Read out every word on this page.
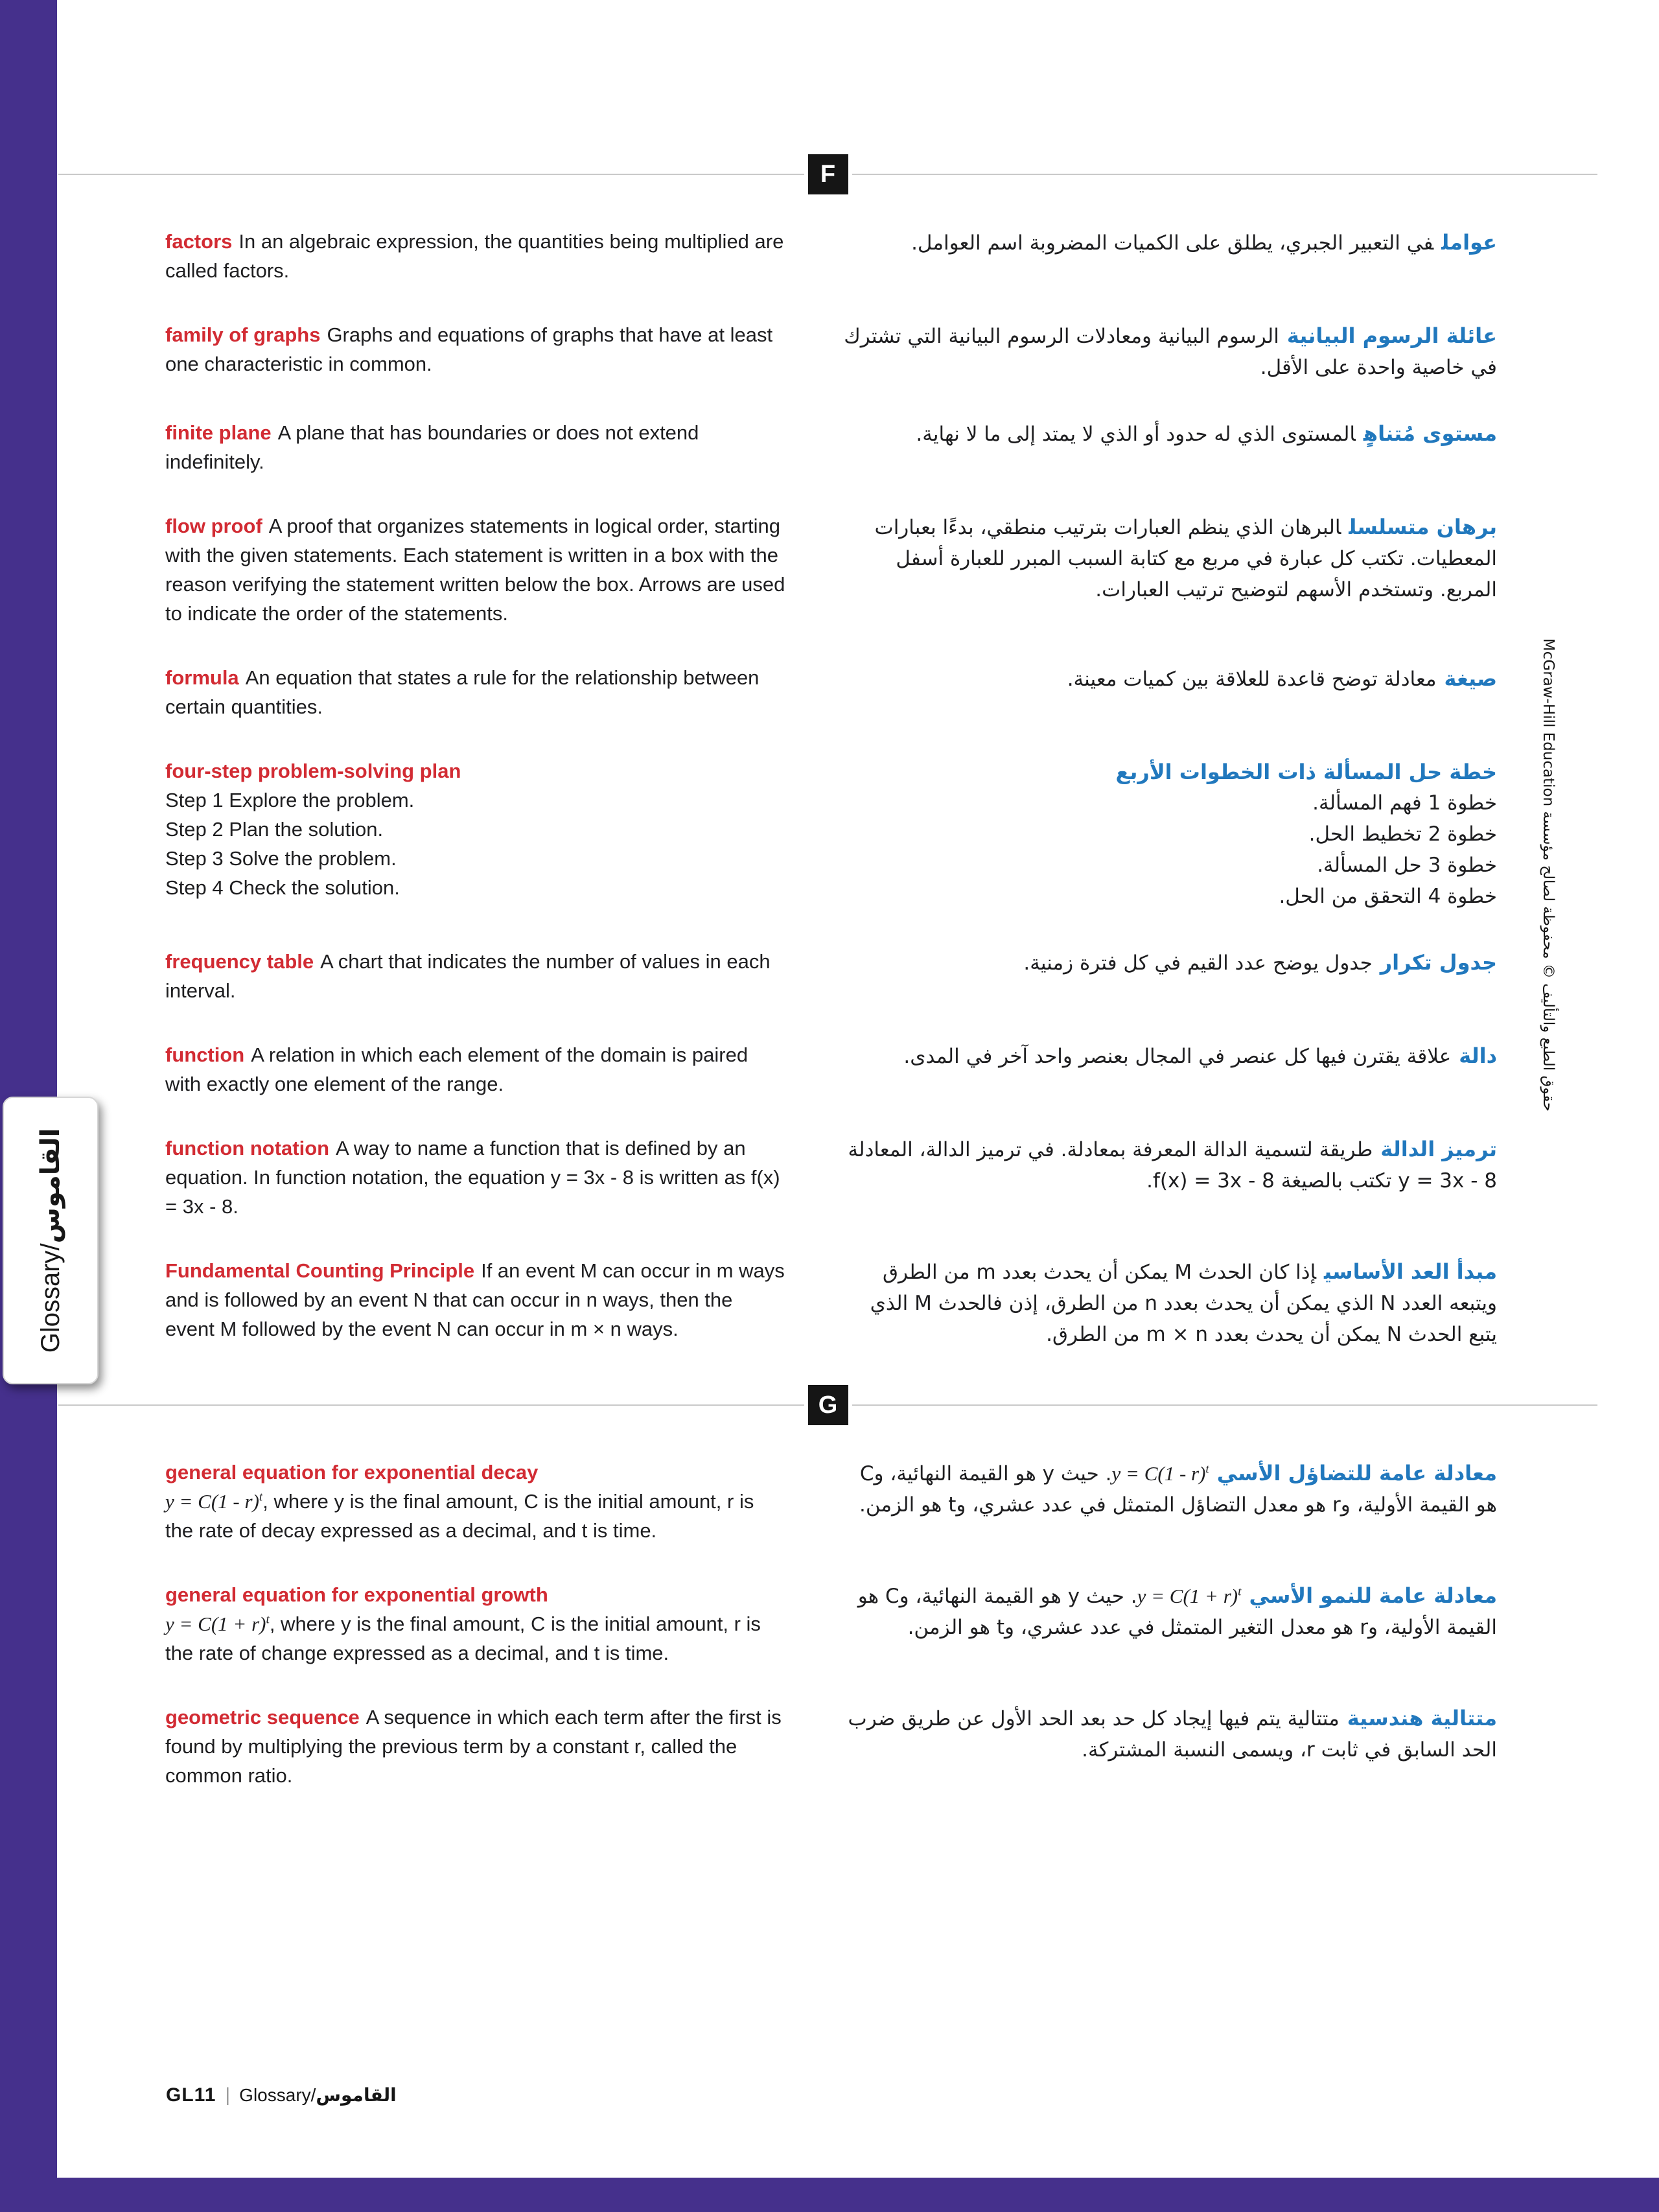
F

factors In an algebraic expression, the quantities being multiplied are called factors.

عواملفي التعبير الجبري، يطلق على الكميات المضروبة اسم العوامل.

family of graphs Graphs and equations of graphs that have at least one characteristic in common.

عائلة الرسوم البيانيةالرسوم البيانية ومعادلات الرسوم البيانية التي تشترك في خاصية واحدة على الأقل.

finite plane A plane that has boundaries or does not extend indefinitely.

مستوى مُتناهٍالمستوى الذي له حدود أو الذي لا يمتد إلى ما لا نهاية.

flow proof A proof that organizes statements in logical order, starting with the given statements. Each statement is written in a box with the reason verifying the statement written below the box. Arrows are used to indicate the order of the statements.

برهان متسلسلالبرهان الذي ينظم العبارات بترتيب منطقي، بدءًا بعبارات المعطيات. تكتب كل عبارة في مربع مع كتابة السبب المبرر للعبارة أسفل المربع. وتستخدم الأسهم لتوضيح ترتيب العبارات.

formula An equation that states a rule for the relationship between certain quantities.

صيغةمعادلة توضح قاعدة للعلاقة بين كميات معينة.

four-step problem-solving plan

Step 1 Explore the problem.

Step 2 Plan the solution.

Step 3 Solve the problem.

Step 4 Check the solution.

خطة حل المسألة ذات الخطوات الأربع

خطوة 1 فهم المسألة.

خطوة 2 تخطيط الحل.

خطوة 3 حل المسألة.

خطوة 4 التحقق من الحل.

frequency table A chart that indicates the number of values in each interval.

جدول تكرارجدول يوضح عدد القيم في كل فترة زمنية.

function A relation in which each element of the domain is paired with exactly one element of the range.

دالةعلاقة يقترن فيها كل عنصر في المجال بعنصر واحد آخر في المدى.

function notation A way to name a function that is defined by an equation. In function notation, the equation y = 3x - 8 is written as f(x) = 3x - 8.

ترميز الدالةطريقة لتسمية الدالة المعرفة بمعادلة. في ترميز الدالة، المعادلة y = 3x - 8 تكتب بالصيغة f(x) = 3x - 8.

Fundamental Counting Principle If an event M can occur in m ways and is followed by an event N that can occur in n ways, then the event M followed by the event N can occur in m × n ways.

مبدأ العد الأساسيإذا كان الحدث M يمكن أن يحدث بعدد m من الطرق ويتبعه العدد N الذي يمكن أن يحدث بعدد n من الطرق، إذن فالحدث M الذي يتبع الحدث N يمكن أن يحدث بعدد m × n من الطرق.

G

general equation for exponential decay
y = C(1 - r)$^t$, where y is the final amount, C is the initial amount, r is the rate of decay expressed as a decimal, and t is time.

معادلة عامة للتضاؤل الأسيy = C(1 - r)$^t$. حيث y هو القيمة النهائية، وC هو القيمة الأولية، وr هو معدل التضاؤل المتمثل في عدد عشري، وt هو الزمن.

general equation for exponential growth
$y = C(1 + r)^t$, where y is the final amount, C is the initial amount, r is the rate of change expressed as a decimal, and t is time.

معادلة عامة للنمو الأسيy = $C(1 + r)^t$. حيث y هو القيمة النهائية، وC هو القيمة الأولية، وr هو معدل التغير المتمثل في عدد عشري، وt هو الزمن.

geometric sequence A sequence in which each term after the first is found by multiplying the previous term by a constant r, called the common ratio.

متتالية هندسيةمتتالية يتم فيها إيجاد كل حد بعد الحد الأول عن طريق ضرب الحد السابق في ثابت r، ويسمى النسبة المشتركة.

Glossary/القاموس
حقوق الطبع والتأليف © محفوظة لصالح مؤسسة McGraw-Hill Education
GL11 | Glossary/ القاموس
